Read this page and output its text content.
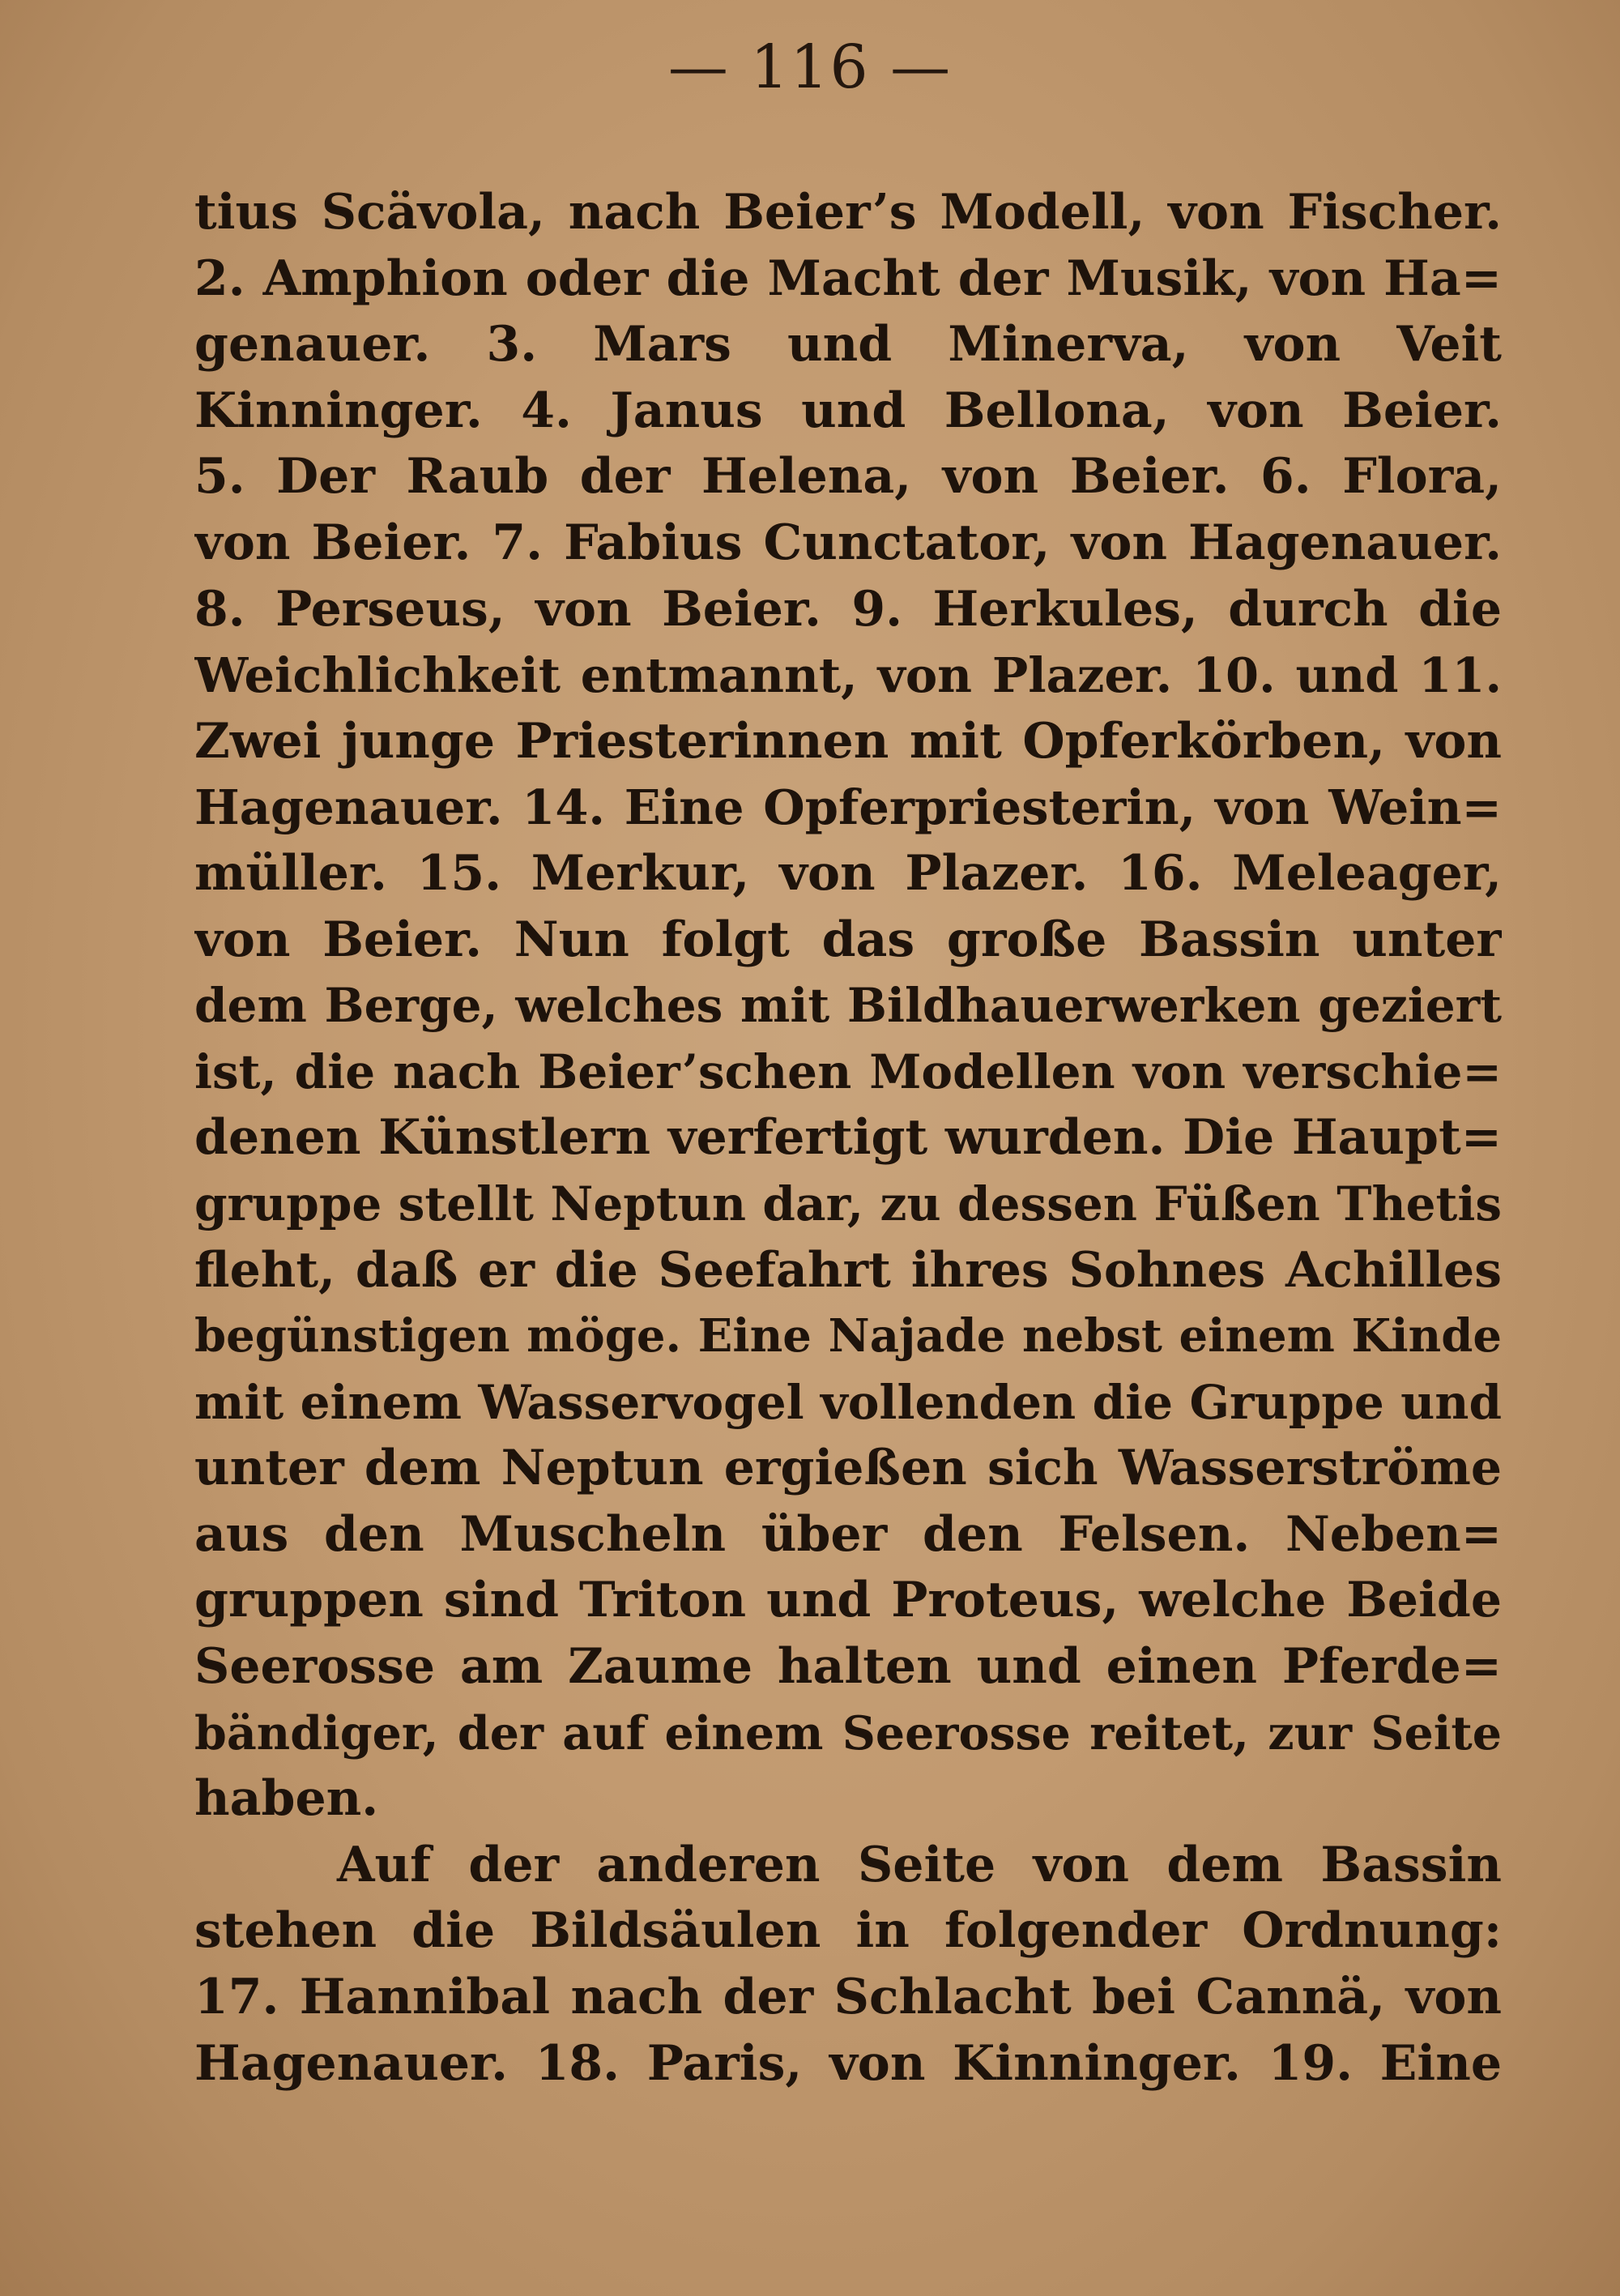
— 116 —
tius Scävola, nach Beier’s Modell, von Fischer.
2. Amphion oder die Macht der Musik, von Ha=
genauer. 3. Mars und Minerva, von Veit
Kinninger. 4. Janus und Bellona, von Beier.
5. Der Raub der Helena, von Beier. 6. Flora,
von Beier. 7. Fabius Cunctator, von Hagenauer.
8. Perseus, von Beier. 9. Herkules, durch die
Weichlichkeit entmannt, von Plazer. 10. und 11.
Zwei junge Priesterinnen mit Opferkörben, von
Hagenauer. 14. Eine Opferpriesterin, von Wein=
müller. 15. Merkur, von Plazer. 16. Meleager,
von Beier. Nun folgt das große Bassin unter
dem Berge, welches mit Bildhauerwerken geziert
ist, die nach Beier’schen Modellen von verschie=
denen Künstlern verfertigt wurden. Die Haupt=
gruppe stellt Neptun dar, zu dessen Füßen Thetis
fleht, daß er die Seefahrt ihres Sohnes Achilles
begünstigen möge. Eine Najade nebst einem Kinde
mit einem Wasservogel vollenden die Gruppe und
unter dem Neptun ergießen sich Wasserströme
aus den Muscheln über den Felsen. Neben=
gruppen sind Triton und Proteus, welche Beide
Seerosse am Zaume halten und einen Pferde=
bändiger, der auf einem Seerosse reitet, zur Seite
haben.
Auf der anderen Seite von dem Bassin
stehen die Bildsäulen in folgender Ordnung:
17. Hannibal nach der Schlacht bei Cannä, von
Hagenauer. 18. Paris, von Kinninger. 19. Eine
